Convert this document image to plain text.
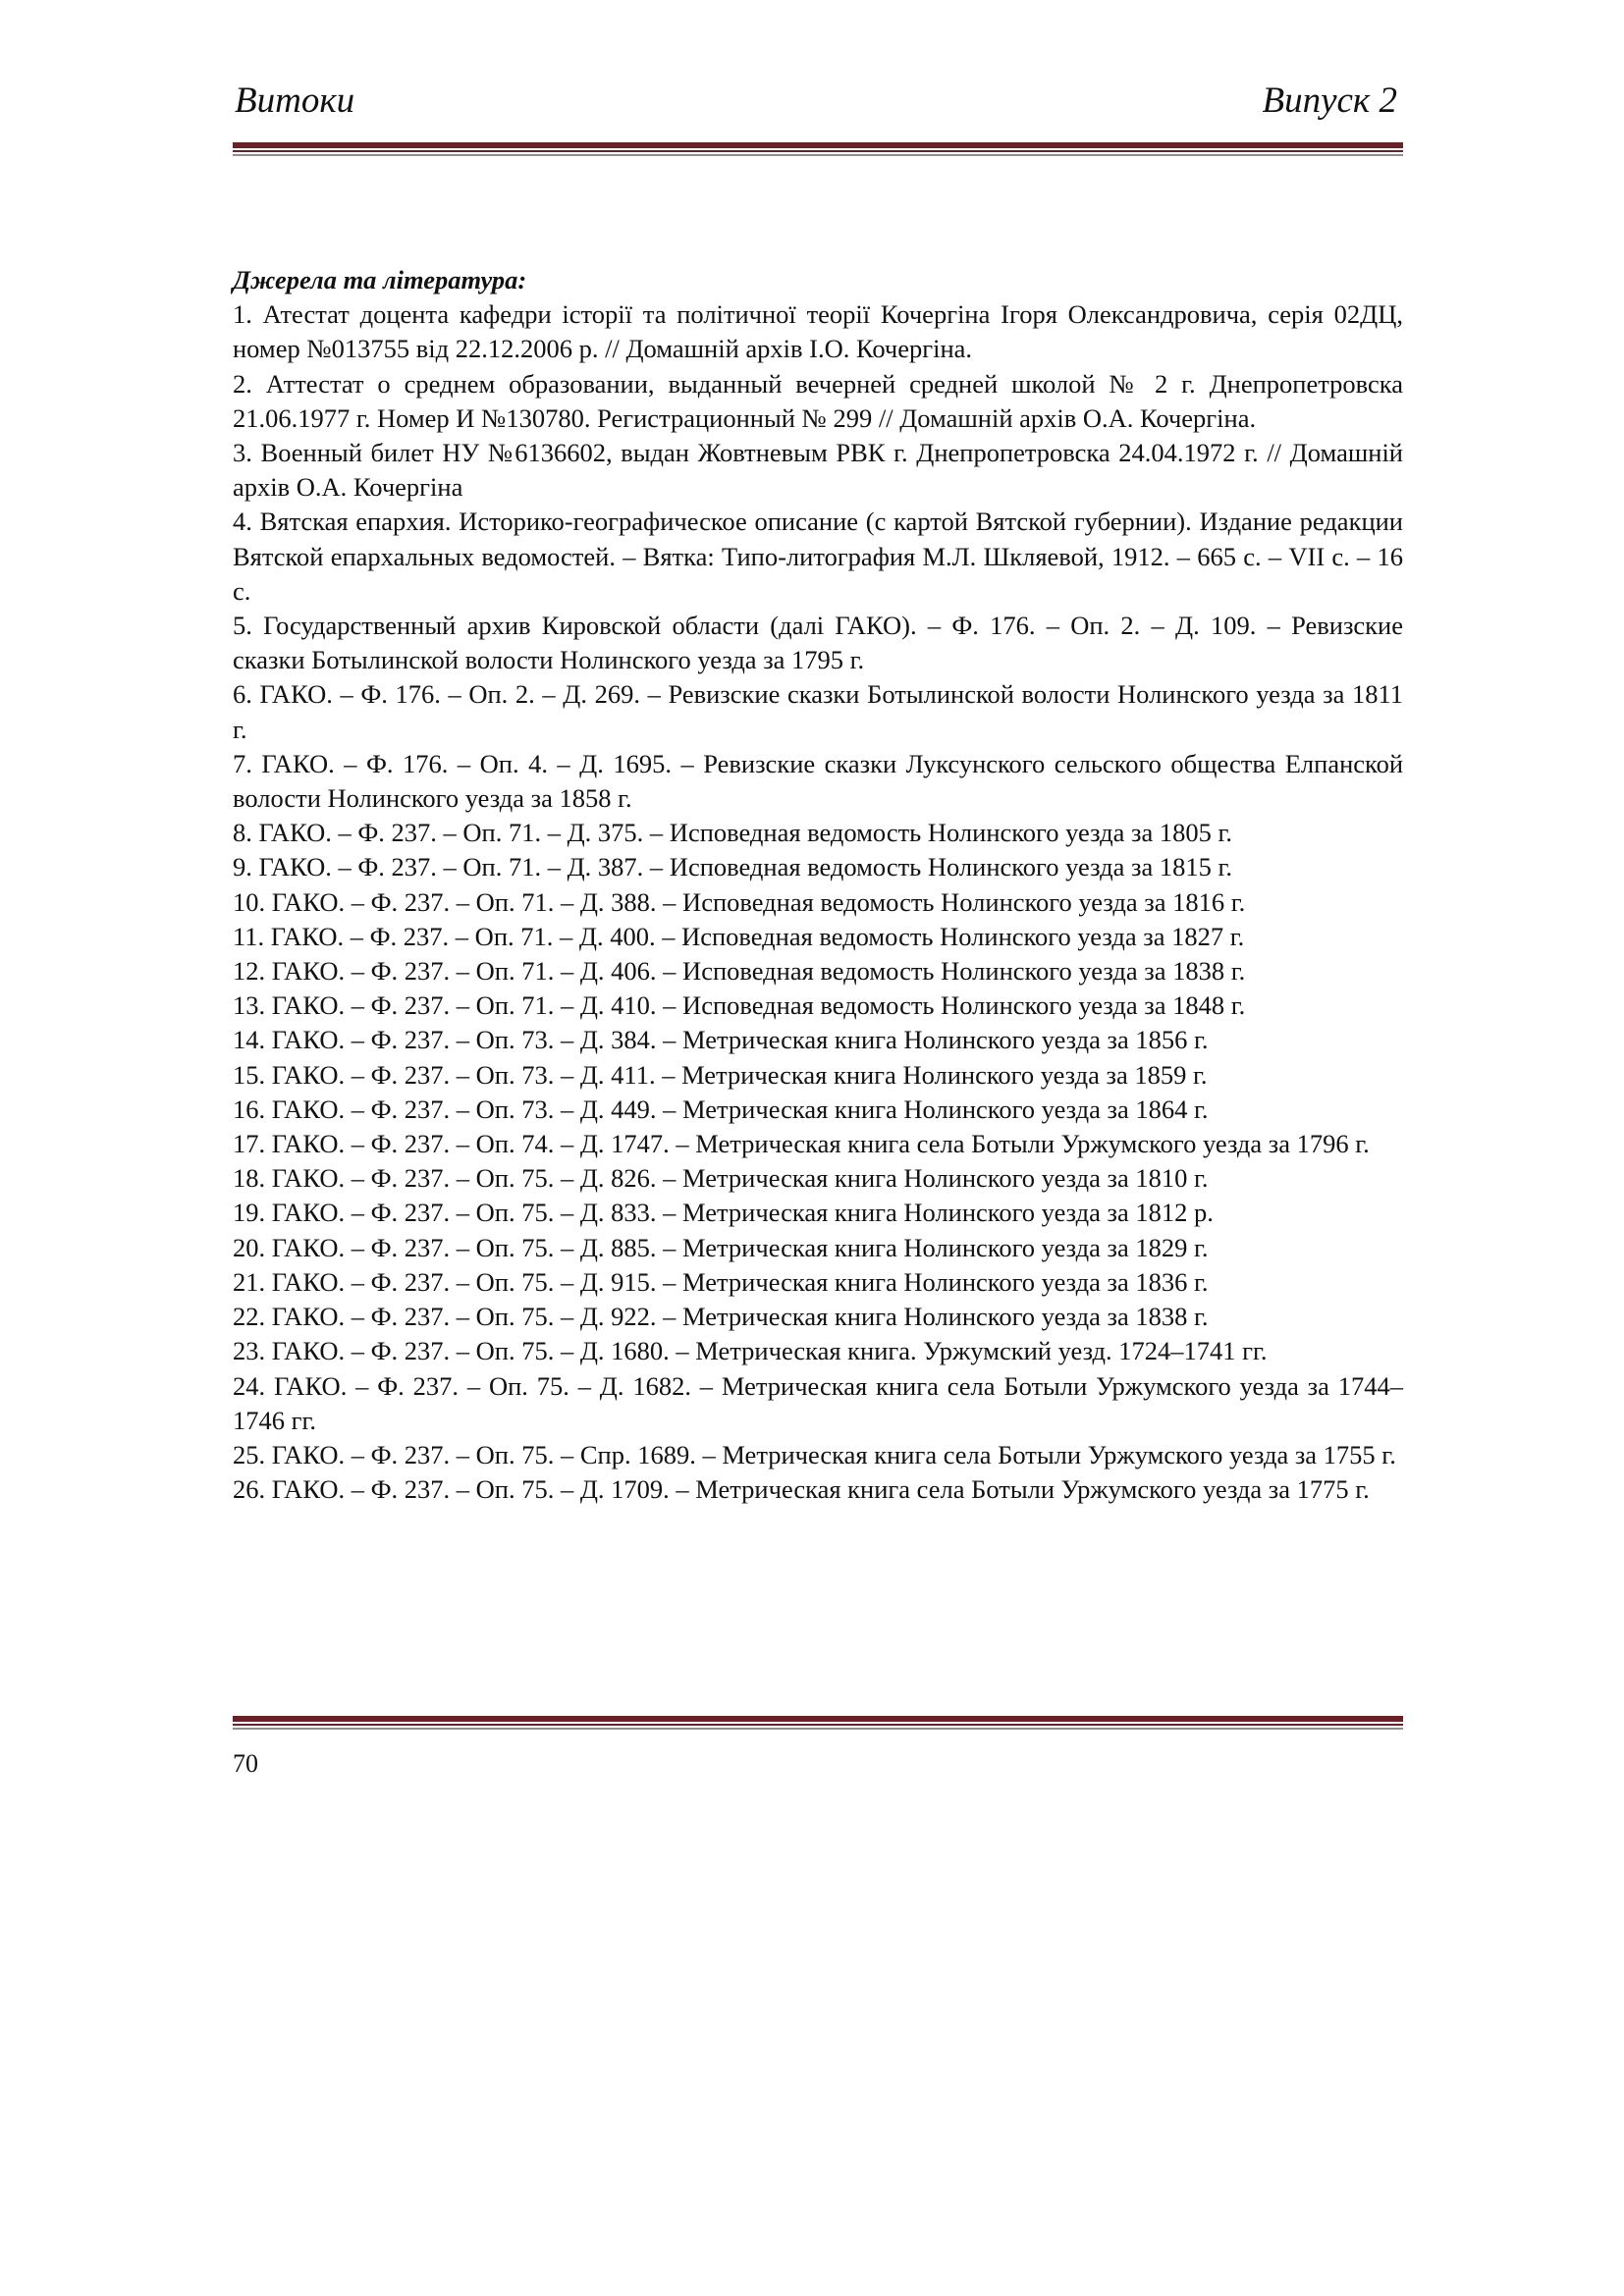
Витоки	Випуск 2

Джерела та література:

1. Атестат доцента кафедри історії та політичної теорії Кочергіна Ігоря Олександровича, серія 02ДЦ, номер №013755 від 22.12.2006 р. // Домашній архів І.О. Кочергіна.
2. Аттестат о среднем образовании, выданный вечерней средней школой № 2 г. Днепропетровска 21.06.1977 г. Номер И №130780. Регистрационный № 299 // Домашній архів О.А. Кочергіна.
3. Военный билет НУ №6136602, выдан Жовтневым РВК г. Днепропетровска 24.04.1972 г. // Домашній архів О.А. Кочергіна
4. Вятская епархия. Историко-географическое описание (с картой Вятской губернии). Издание редакции Вятской епархальных ведомостей. – Вятка: Типо-литография М.Л. Шкляевой, 1912. – 665 с. – VII с. – 16 с.
5. Государственный архив Кировской области (далі ГАКО). – Ф. 176. – Оп. 2. – Д. 109. – Ревизские сказки Ботылинской волости Нолинского уезда за 1795 г.
6. ГАКО. – Ф. 176. – Оп. 2. – Д. 269. – Ревизские сказки Ботылинской волости Нолинского уезда за 1811 г.
7. ГАКО. – Ф. 176. – Оп. 4. – Д. 1695. – Ревизские сказки Луксунского сельского общества Елпанской волости Нолинского уезда за 1858 г.
8. ГАКО. – Ф. 237. – Оп. 71. – Д. 375. – Исповедная ведомость Нолинского уезда за 1805 г.
9. ГАКО. – Ф. 237. – Оп. 71. – Д. 387. – Исповедная ведомость Нолинского уезда за 1815 г.
10. ГАКО. – Ф. 237. – Оп. 71. – Д. 388. – Исповедная ведомость Нолинского уезда за 1816 г.
11. ГАКО. – Ф. 237. – Оп. 71. – Д. 400. – Исповедная ведомость Нолинского уезда за 1827 г.
12. ГАКО. – Ф. 237. – Оп. 71. – Д. 406. – Исповедная ведомость Нолинского уезда за 1838 г.
13. ГАКО. – Ф. 237. – Оп. 71. – Д. 410. – Исповедная ведомость Нолинского уезда за 1848 г.
14. ГАКО. – Ф. 237. – Оп. 73. – Д. 384. – Метрическая книга Нолинского уезда за 1856 г.
15. ГАКО. – Ф. 237. – Оп. 73. – Д. 411. – Метрическая книга Нолинского уезда за 1859 г.
16. ГАКО. – Ф. 237. – Оп. 73. – Д. 449. – Метрическая книга Нолинского уезда за 1864 г.
17. ГАКО. – Ф. 237. – Оп. 74. – Д. 1747. – Метрическая книга села Ботыли Уржумского уезда за 1796 г.
18. ГАКО. – Ф. 237. – Оп. 75. – Д. 826. – Метрическая книга Нолинского уезда за 1810 г.
19. ГАКО. – Ф. 237. – Оп. 75. – Д. 833. – Метрическая книга Нолинского уезда за 1812 р.
20. ГАКО. – Ф. 237. – Оп. 75. – Д. 885. – Метрическая книга Нолинского уезда за 1829 г.
21. ГАКО. – Ф. 237. – Оп. 75. – Д. 915. – Метрическая книга Нолинского уезда за 1836 г.
22. ГАКО. – Ф. 237. – Оп. 75. – Д. 922. – Метрическая книга Нолинского уезда за 1838 г.
23. ГАКО. – Ф. 237. – Оп. 75. – Д. 1680. – Метрическая книга. Уржумский уезд. 1724–1741 гг.
24. ГАКО. – Ф. 237. – Оп. 75. – Д. 1682. – Метрическая книга села Ботыли Уржумского уезда за 1744–1746 гг.
25. ГАКО. – Ф. 237. – Оп. 75. – Спр. 1689. – Метрическая книга села Ботыли Уржумского уезда за 1755 г.
26. ГАКО. – Ф. 237. – Оп. 75. – Д. 1709. – Метрическая книга села Ботыли Уржумского уезда за 1775 г.
70
